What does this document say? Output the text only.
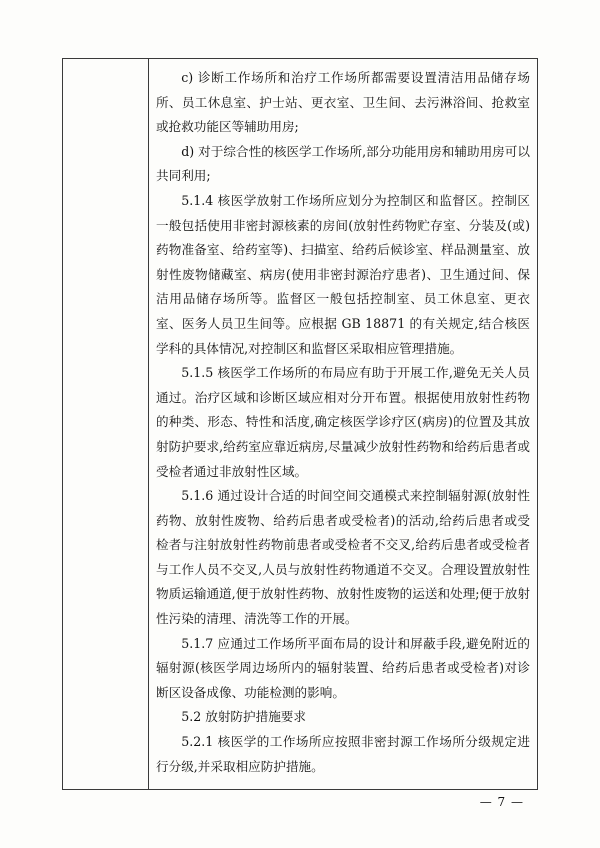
c) 诊断工作场所和治疗工作场所都需要设置清洁用品储存场所、员工休息室、护士站、更衣室、卫生间、去污淋浴间、抢救室或抢救功能区等辅助用房;

d) 对于综合性的核医学工作场所,部分功能用房和辅助用房可以共同利用;

5.1.4 核医学放射工作场所应划分为控制区和监督区。控制区一般包括使用非密封源核素的房间(放射性药物贮存室、分装及(或)药物准备室、给药室等)、扫描室、给药后候诊室、样品测量室、放射性废物储藏室、病房(使用非密封源治疗患者)、卫生通过间、保洁用品储存场所等。监督区一般包括控制室、员工休息室、更衣室、医务人员卫生间等。应根据 GB 18871 的有关规定,结合核医学科的具体情况,对控制区和监督区采取相应管理措施。

5.1.5 核医学工作场所的布局应有助于开展工作,避免无关人员通过。治疗区域和诊断区域应相对分开布置。根据使用放射性药物的种类、形态、特性和活度,确定核医学诊疗区(病房)的位置及其放射防护要求,给药室应靠近病房,尽量减少放射性药物和给药后患者或受检者通过非放射性区域。

5.1.6 通过设计合适的时间空间交通模式来控制辐射源(放射性药物、放射性废物、给药后患者或受检者)的活动,给药后患者或受检者与注射放射性药物前患者或受检者不交叉,给药后患者或受检者与工作人员不交叉,人员与放射性药物通道不交叉。合理设置放射性物质运输通道,便于放射性药物、放射性废物的运送和处理;便于放射性污染的清理、清洗等工作的开展。

5.1.7 应通过工作场所平面布局的设计和屏蔽手段,避免附近的辐射源(核医学周边场所内的辐射装置、给药后患者或受检者)对诊断区设备成像、功能检测的影响。

5.2 放射防护措施要求

5.2.1 核医学的工作场所应按照非密封源工作场所分级规定进行分级,并采取相应防护措施。

— 7 —
